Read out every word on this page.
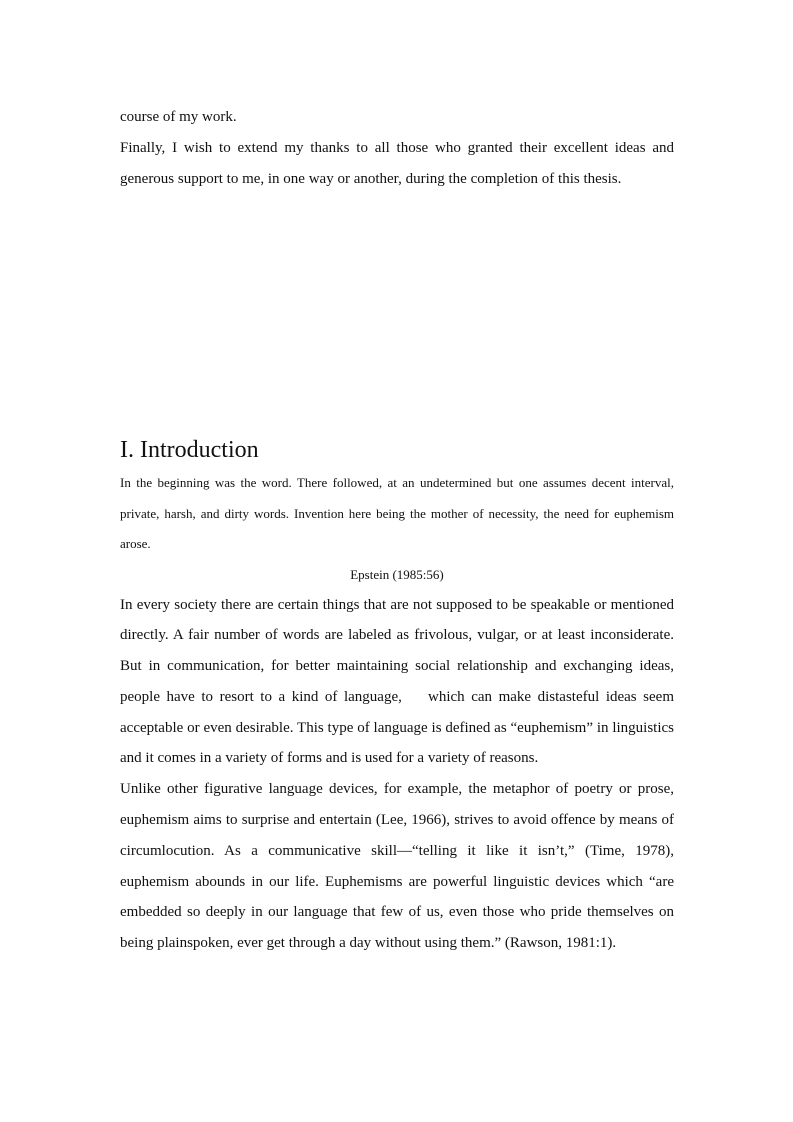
course of my work.

Finally, I wish to extend my thanks to all those who granted their excellent ideas and generous support to me, in one way or another, during the completion of this thesis.

I. Introduction

In the beginning was the word. There followed, at an undetermined but one assumes decent interval, private, harsh, and dirty words. Invention here being the mother of necessity, the need for euphemism arose.

Epstein (1985:56)

In every society there are certain things that are not supposed to be speakable or mentioned directly. A fair number of words are labeled as frivolous, vulgar, or at least inconsiderate. But in communication, for better maintaining social relationship and exchanging ideas, people have to resort to a kind of language,    which can make distasteful ideas seem acceptable or even desirable. This type of language is defined as “euphemism” in linguistics and it comes in a variety of forms and is used for a variety of reasons.

Unlike other figurative language devices, for example, the metaphor of poetry or prose, euphemism aims to surprise and entertain (Lee, 1966), strives to avoid offence by means of circumlocution. As a communicative skill—“telling it like it isn’t,” (Time, 1978), euphemism abounds in our life. Euphemisms are powerful linguistic devices which “are embedded so deeply in our language that few of us, even those who pride themselves on being plainspoken, ever get through a day without using them.” (Rawson, 1981:1).
